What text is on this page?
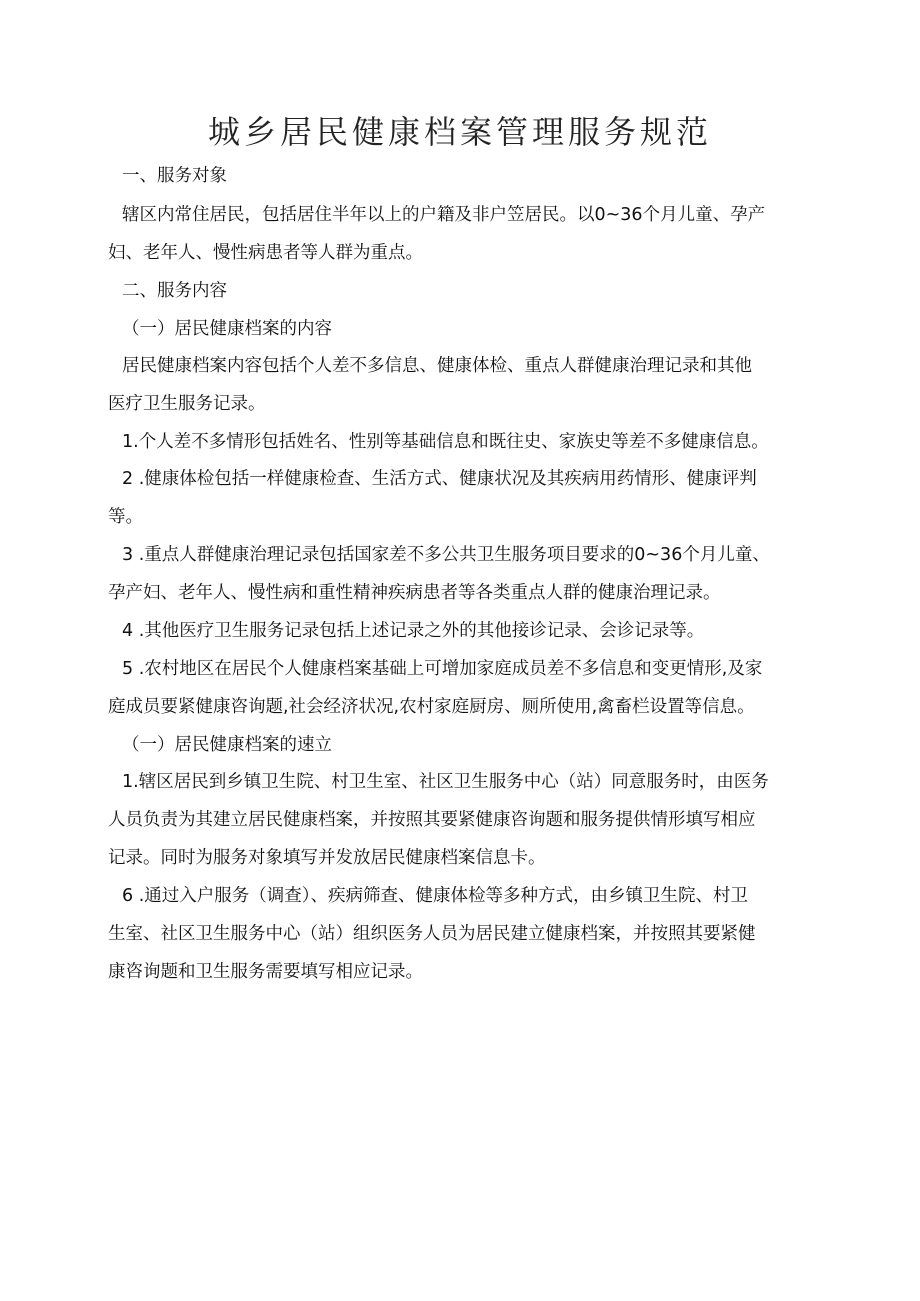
城乡居民健康档案管理服务规范
一、服务对象
辖区内常住居民，包括居住半年以上的户籍及非户笠居民。以0~36个月儿童、孕产
妇、老年人、慢性病患者等人群为重点。
二、服务内容
（一）居民健康档案的内容
居民健康档案内容包括个人差不多信息、健康体检、重点人群健康治理记录和其他
医疗卫生服务记录。
1.个人差不多情形包括姓名、性别等基础信息和既往史、家族史等差不多健康信息。
2 .健康体检包括一样健康检查、生活方式、健康状况及其疾病用药情形、健康评判
等。
3 .重点人群健康治理记录包括国家差不多公共卫生服务项目要求的0~36个月儿童、
孕产妇、老年人、慢性病和重性精神疾病患者等各类重点人群的健康治理记录。
4 .其他医疗卫生服务记录包括上述记录之外的其他接诊记录、会诊记录等。
5 .农村地区在居民个人健康档案基础上可增加家庭成员差不多信息和变更情形,及家
庭成员要紧健康咨询题,社会经济状况,农村家庭厨房、厕所使用,禽畜栏设置等信息。
（一）居民健康档案的速立
1.辖区居民到乡镇卫生院、村卫生室、社区卫生服务中心（站）同意服务时，由医务
人员负责为其建立居民健康档案，并按照其要紧健康咨询题和服务提供情形填写相应
记录。同时为服务对象填写并发放居民健康档案信息卡。
6 .通过入户服务（调查）、疾病筛查、健康体检等多种方式，由乡镇卫生院、村卫
生室、社区卫生服务中心（站）组织医务人员为居民建立健康档案，并按照其要紧健
康咨询题和卫生服务需要填写相应记录。
